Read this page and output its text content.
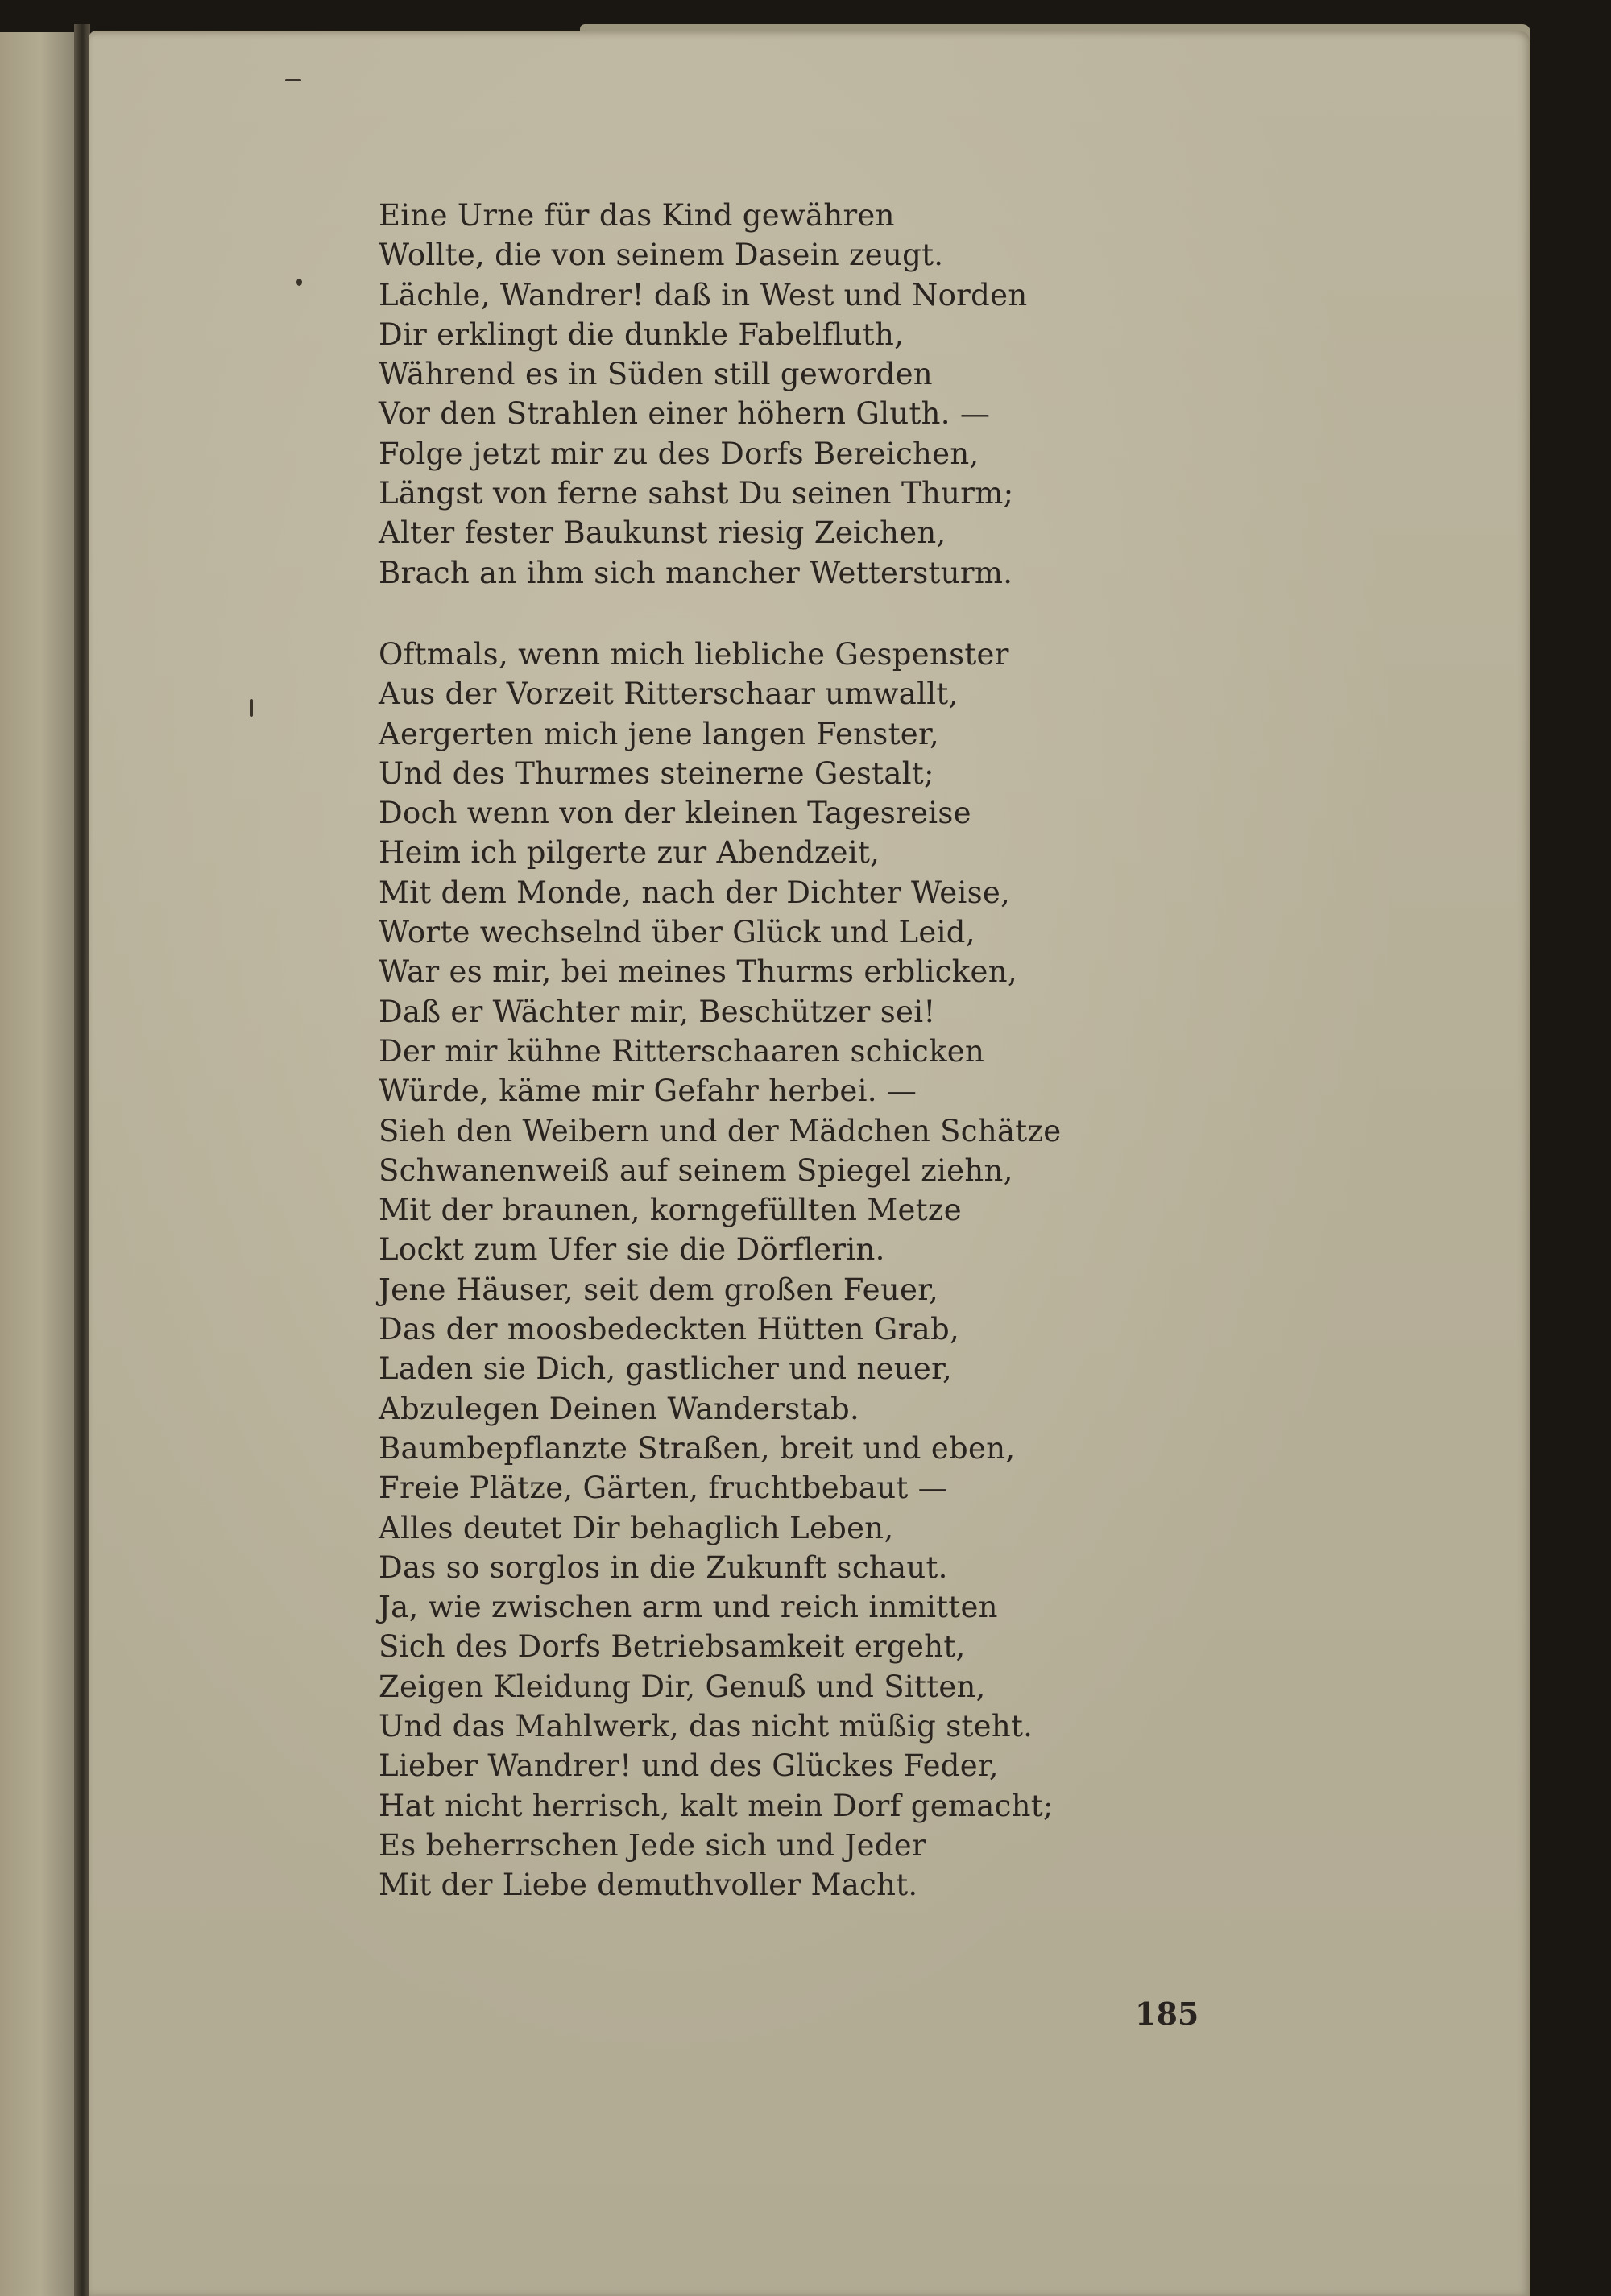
Eine Urne für das Kind gewähren
Wollte, die von seinem Dasein zeugt.
Lächle, Wandrer! daß in West und Norden
Dir erklingt die dunkle Fabelfluth,
Während es in Süden still geworden
Vor den Strahlen einer höhern Gluth. —
Folge jetzt mir zu des Dorfs Bereichen,
Längst von ferne sahst Du seinen Thurm;
Alter fester Baukunst riesig Zeichen,
Brach an ihm sich mancher Wettersturm.
Oftmals, wenn mich liebliche Gespenster
Aus der Vorzeit Ritterschaar umwallt,
Aergerten mich jene langen Fenster,
Und des Thurmes steinerne Gestalt;
Doch wenn von der kleinen Tagesreise
Heim ich pilgerte zur Abendzeit,
Mit dem Monde, nach der Dichter Weise,
Worte wechselnd über Glück und Leid,
War es mir, bei meines Thurms erblicken,
Daß er Wächter mir, Beschützer sei!
Der mir kühne Ritterschaaren schicken
Würde, käme mir Gefahr herbei. —
Sieh den Weibern und der Mädchen Schätze
Schwanenweiß auf seinem Spiegel ziehn,
Mit der braunen, korngefüllten Metze
Lockt zum Ufer sie die Dörflerin.
Jene Häuser, seit dem großen Feuer,
Das der moosbedeckten Hütten Grab,
Laden sie Dich, gastlicher und neuer,
Abzulegen Deinen Wanderstab.
Baumbepflanzte Straßen, breit und eben,
Freie Plätze, Gärten, fruchtbebaut —
Alles deutet Dir behaglich Leben,
Das so sorglos in die Zukunft schaut.
Ja, wie zwischen arm und reich inmitten
Sich des Dorfs Betriebsamkeit ergeht,
Zeigen Kleidung Dir, Genuß und Sitten,
Und das Mahlwerk, das nicht müßig steht.
Lieber Wandrer! und des Glückes Feder,
Hat nicht herrisch, kalt mein Dorf gemacht;
Es beherrschen Jede sich und Jeder
Mit der Liebe demuthvoller Macht.
185
